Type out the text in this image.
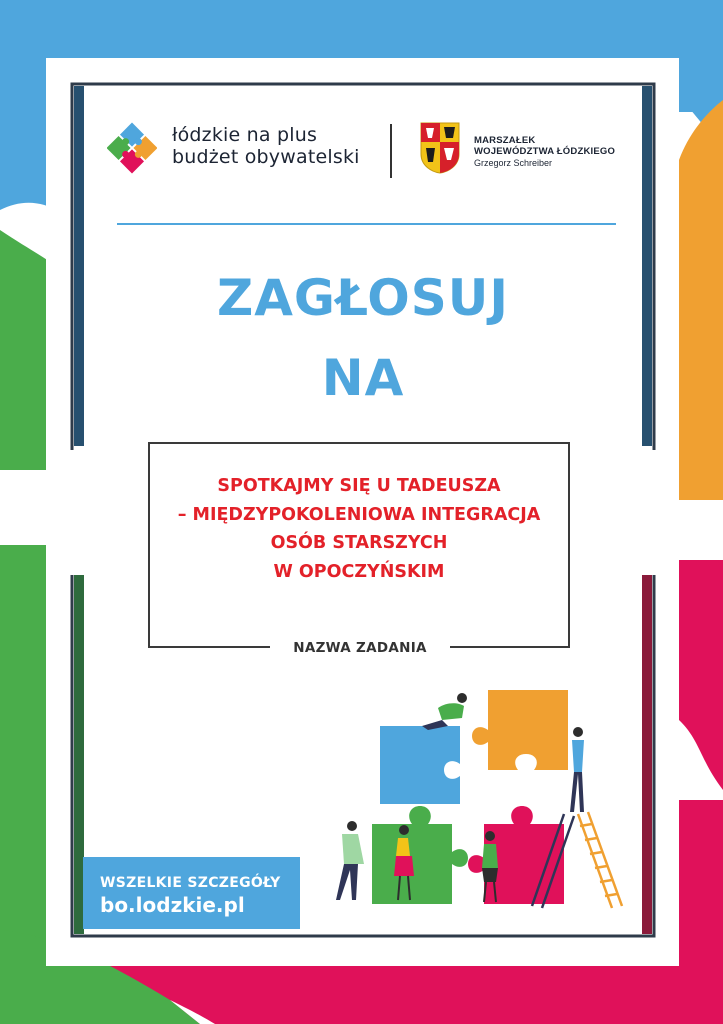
łódzkie na plus
budżet obywatelski
MARSZAŁEK
WOJEWÓDZTWA ŁÓDZKIEGO
Grzegorz Schreiber
ZAGŁOSUJ
NA
SPOTKAJMY SIĘ U TADEUSZA
– MIĘDZYPOKOLENIOWA INTEGRACJA
OSÓB STARSZYCH
W OPOCZYŃSKIM
NAZWA ZADANIA
WSZELKIE SZCZEGÓŁY
bo.lodzkie.pl
